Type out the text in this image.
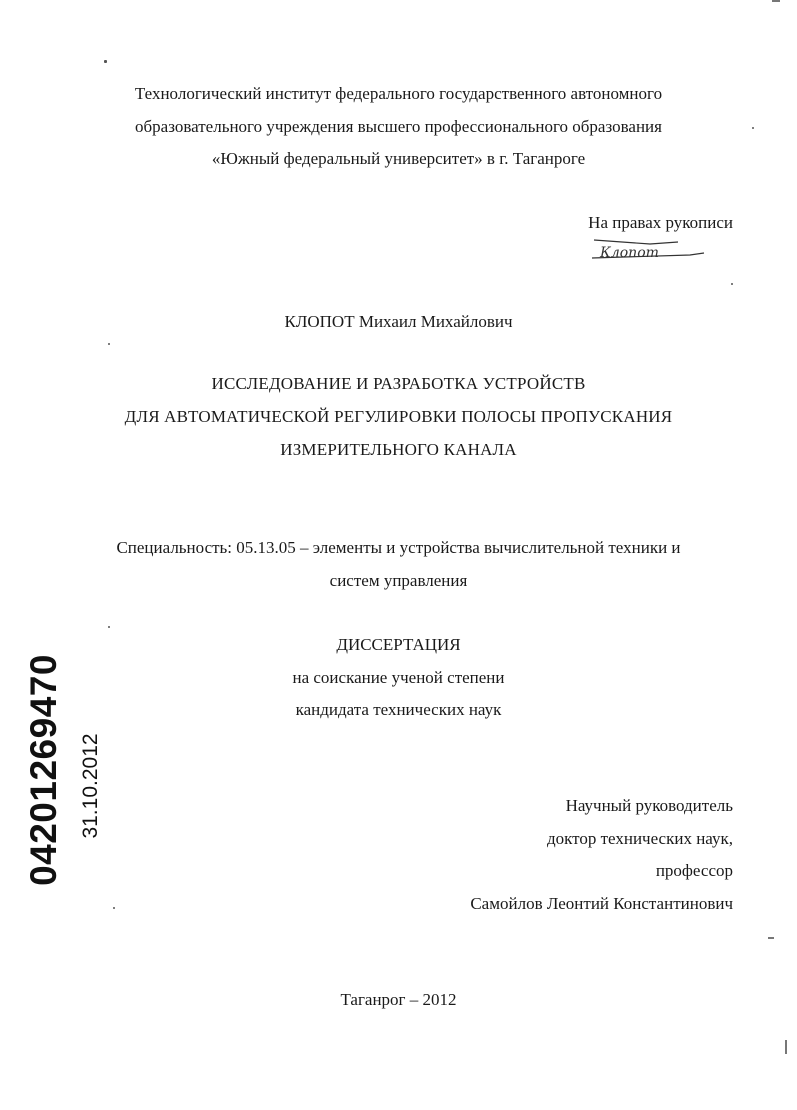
Технологический институт федерального государственного автономного
образовательного учреждения высшего профессионального образования
«Южный федеральный университет» в г. Таганроге
На правах рукописи
Клопот
КЛОПОТ Михаил Михайлович
ИССЛЕДОВАНИЕ И РАЗРАБОТКА УСТРОЙСТВ
ДЛЯ АВТОМАТИЧЕСКОЙ РЕГУЛИРОВКИ ПОЛОСЫ ПРОПУСКАНИЯ
ИЗМЕРИТЕЛЬНОГО КАНАЛА
Специальность: 05.13.05 – элементы и устройства вычислительной техники и
систем управления
ДИССЕРТАЦИЯ
на соискание ученой степени
кандидата технических наук
Научный руководитель
доктор технических наук,
профессор
Самойлов Леонтий Константинович
Таганрог – 2012
04201269470 31.10.2012
